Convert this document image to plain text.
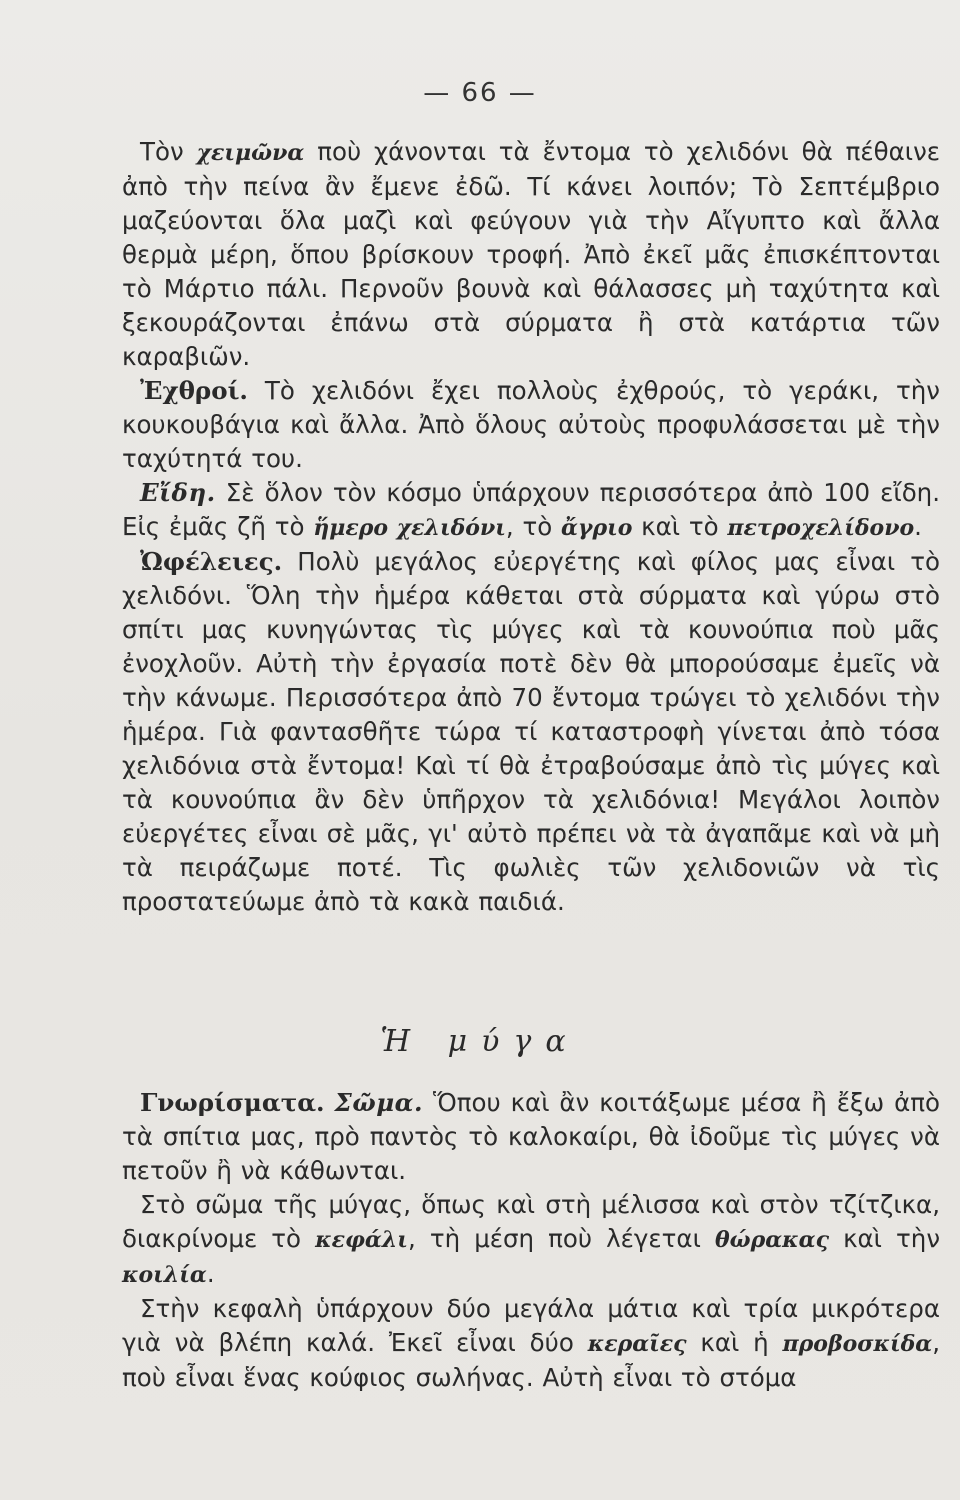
— 66 —

Τὸν χειμῶνα ποὺ χάνονται τὰ ἔντομα τὸ χελιδόνι θὰ πέθαινε ἀπὸ τὴν πείνα ἂν ἔμενε ἐδῶ. Τί κάνει λοιπόν; Τὸ Σεπτέμβριο μαζεύονται ὅλα μαζὶ καὶ φεύγουν γιὰ τὴν Αἴγυπτο καὶ ἄλλα θερμὰ μέρη, ὅπου βρίσκουν τροφή. Ἀπὸ ἐκεῖ μᾶς ἐπισκέπτονται τὸ Μάρτιο πάλι. Περνοῦν βουνὰ καὶ θάλασσες μὴ ταχύτητα καὶ ξεκουράζονται ἐπάνω στὰ σύρματα ἢ στὰ κατάρτια τῶν καραβιῶν.

Ἐχθροί. Τὸ χελιδόνι ἔχει πολλοὺς ἐχθρούς, τὸ γεράκι, τὴν κουκουβάγια καὶ ἄλλα. Ἀπὸ ὅλους αὐτοὺς προφυλάσσεται μὲ τὴν ταχύτητά του.

Εἴδη. Σὲ ὅλον τὸν κόσμο ὑπάρχουν περισσότερα ἀπὸ 100 εἴδη. Εἰς ἐμᾶς ζῆ τὸ ἥμερο χελιδόνι, τὸ ἄγριο καὶ τὸ πετροχελίδονο.

Ὠφέλειες. Πολὺ μεγάλος εὐεργέτης καὶ φίλος μας εἶναι τὸ χελιδόνι. Ὅλη τὴν ἡμέρα κάθεται στὰ σύρματα καὶ γύρω στὸ σπίτι μας κυνηγώντας τὶς μύγες καὶ τὰ κουνούπια ποὺ μᾶς ἐνοχλοῦν. Αὐτὴ τὴν ἐργασία ποτὲ δὲν θὰ μπορούσαμε ἐμεῖς νὰ τὴν κάνωμε. Περισσότερα ἀπὸ 70 ἔντομα τρώγει τὸ χελιδόνι τὴν ἡμέρα. Γιὰ φαντασθῆτε τώρα τί καταστροφὴ γίνεται ἀπὸ τόσα χελιδόνια στὰ ἔντομα! Καὶ τί θὰ ἐτραβούσαμε ἀπὸ τὶς μύγες καὶ τὰ κουνούπια ἂν δὲν ὑπῆρχον τὰ χελιδόνια! Μεγάλοι λοιπὸν εὐεργέτες εἶναι σὲ μᾶς, γι' αὐτὸ πρέπει νὰ τὰ ἀγαπᾶμε καὶ νὰ μὴ τὰ πειράζωμε ποτέ. Τὶς φωλιὲς τῶν χελιδονιῶν νὰ τὶς προστατεύωμε ἀπὸ τὰ κακὰ παιδιά.

Ἡ μύγα

Γνωρίσματα. Σῶμα. Ὅπου καὶ ἂν κοιτάξωμε μέσα ἢ ἔξω ἀπὸ τὰ σπίτια μας, πρὸ παντὸς τὸ καλοκαίρι, θὰ ἰδοῦμε τὶς μύγες νὰ πετοῦν ἢ νὰ κάθωνται.

Στὸ σῶμα τῆς μύγας, ὅπως καὶ στὴ μέλισσα καὶ στὸν τζίτζικα, διακρίνομε τὸ κεφάλι, τὴ μέση ποὺ λέγεται θώρακας καὶ τὴν κοιλία.

Στὴν κεφαλὴ ὑπάρχουν δύο μεγάλα μάτια καὶ τρία μικρότερα γιὰ νὰ βλέπη καλά. Ἐκεῖ εἶναι δύο κεραῖες καὶ ἡ προβοσκίδα, ποὺ εἶναι ἕνας κούφιος σωλήνας. Αὐτὴ εἶναι τὸ στόμα
